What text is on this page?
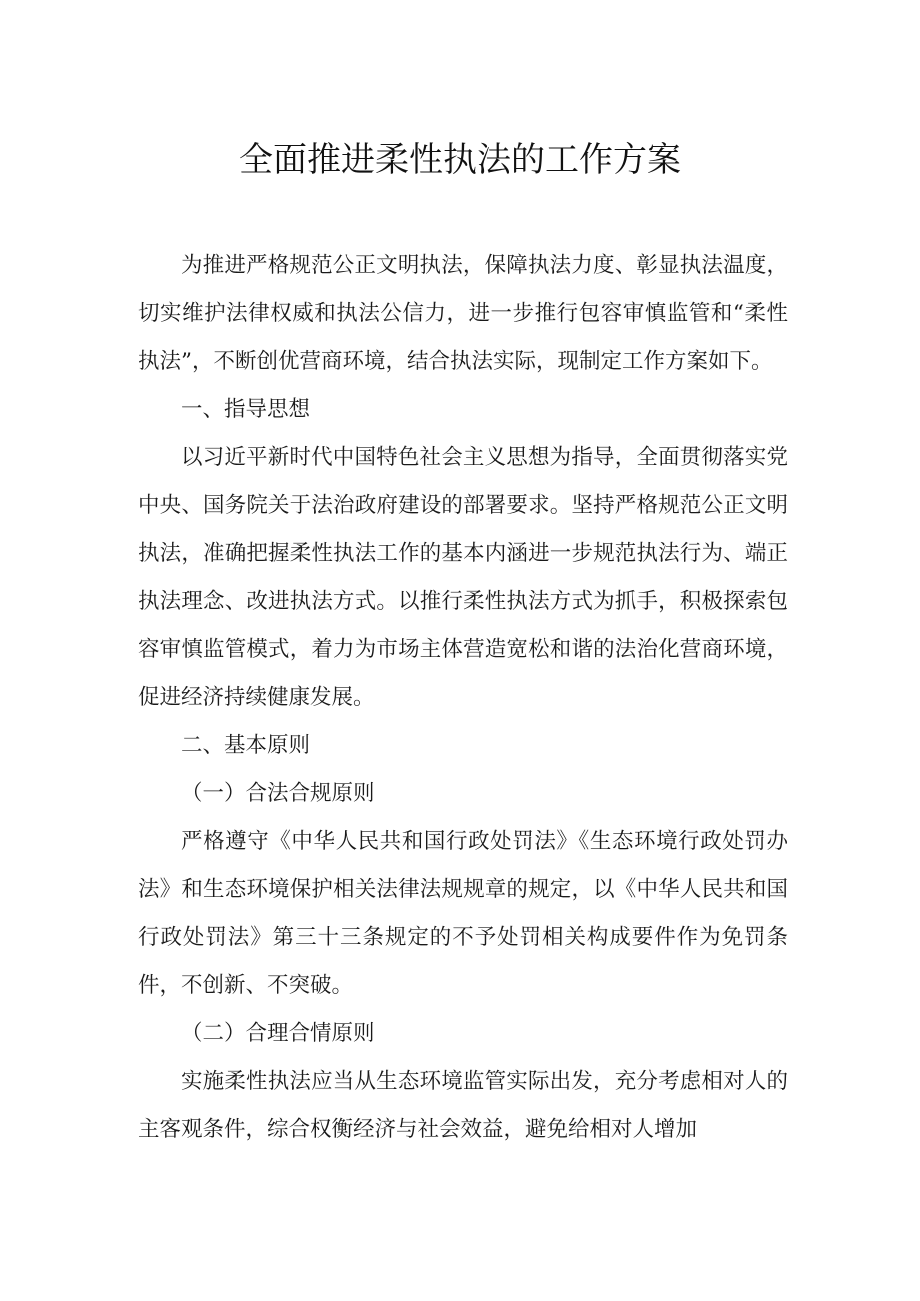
全面推进柔性执法的工作方案

为推进严格规范公正文明执法，保障执法力度、彰显执法温度，切实维护法律权威和执法公信力，进一步推行包容审慎监管和“柔性执法”，不断创优营商环境，结合执法实际，现制定工作方案如下。

一、指导思想

以习近平新时代中国特色社会主义思想为指导，全面贯彻落实党中央、国务院关于法治政府建设的部署要求。坚持严格规范公正文明执法，准确把握柔性执法工作的基本内涵进一步规范执法行为、端正执法理念、改进执法方式。以推行柔性执法方式为抓手，积极探索包容审慎监管模式，着力为市场主体营造宽松和谐的法治化营商环境，促进经济持续健康发展。

二、基本原则

（一）合法合规原则

严格遵守《中华人民共和国行政处罚法》《生态环境行政处罚办法》和生态环境保护相关法律法规规章的规定，以《中华人民共和国行政处罚法》第三十三条规定的不予处罚相关构成要件作为免罚条件，不创新、不突破。

（二）合理合情原则

实施柔性执法应当从生态环境监管实际出发，充分考虑相对人的主客观条件，综合权衡经济与社会效益，避免给相对人增加
